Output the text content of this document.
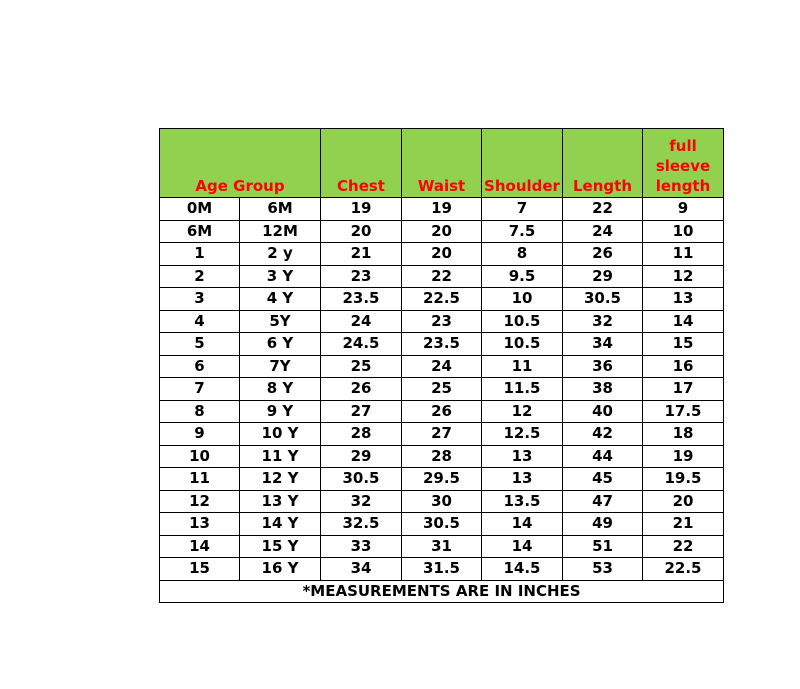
Age Group		Chest	Waist	Shoulder	Length	full sleeve length
0M	6M	19	19	7	22	9
6M	12M	20	20	7.5	24	10
1	2 y	21	20	8	26	11
2	3 Y	23	22	9.5	29	12
3	4 Y	23.5	22.5	10	30.5	13
4	5Y	24	23	10.5	32	14
5	6 Y	24.5	23.5	10.5	34	15
6	7Y	25	24	11	36	16
7	8 Y	26	25	11.5	38	17
8	9 Y	27	26	12	40	17.5
9	10 Y	28	27	12.5	42	18
10	11 Y	29	28	13	44	19
11	12 Y	30.5	29.5	13	45	19.5
12	13 Y	32	30	13.5	47	20
13	14 Y	32.5	30.5	14	49	21
14	15 Y	33	31	14	51	22
15	16 Y	34	31.5	14.5	53	22.5
*MEASUREMENTS ARE IN INCHES						
